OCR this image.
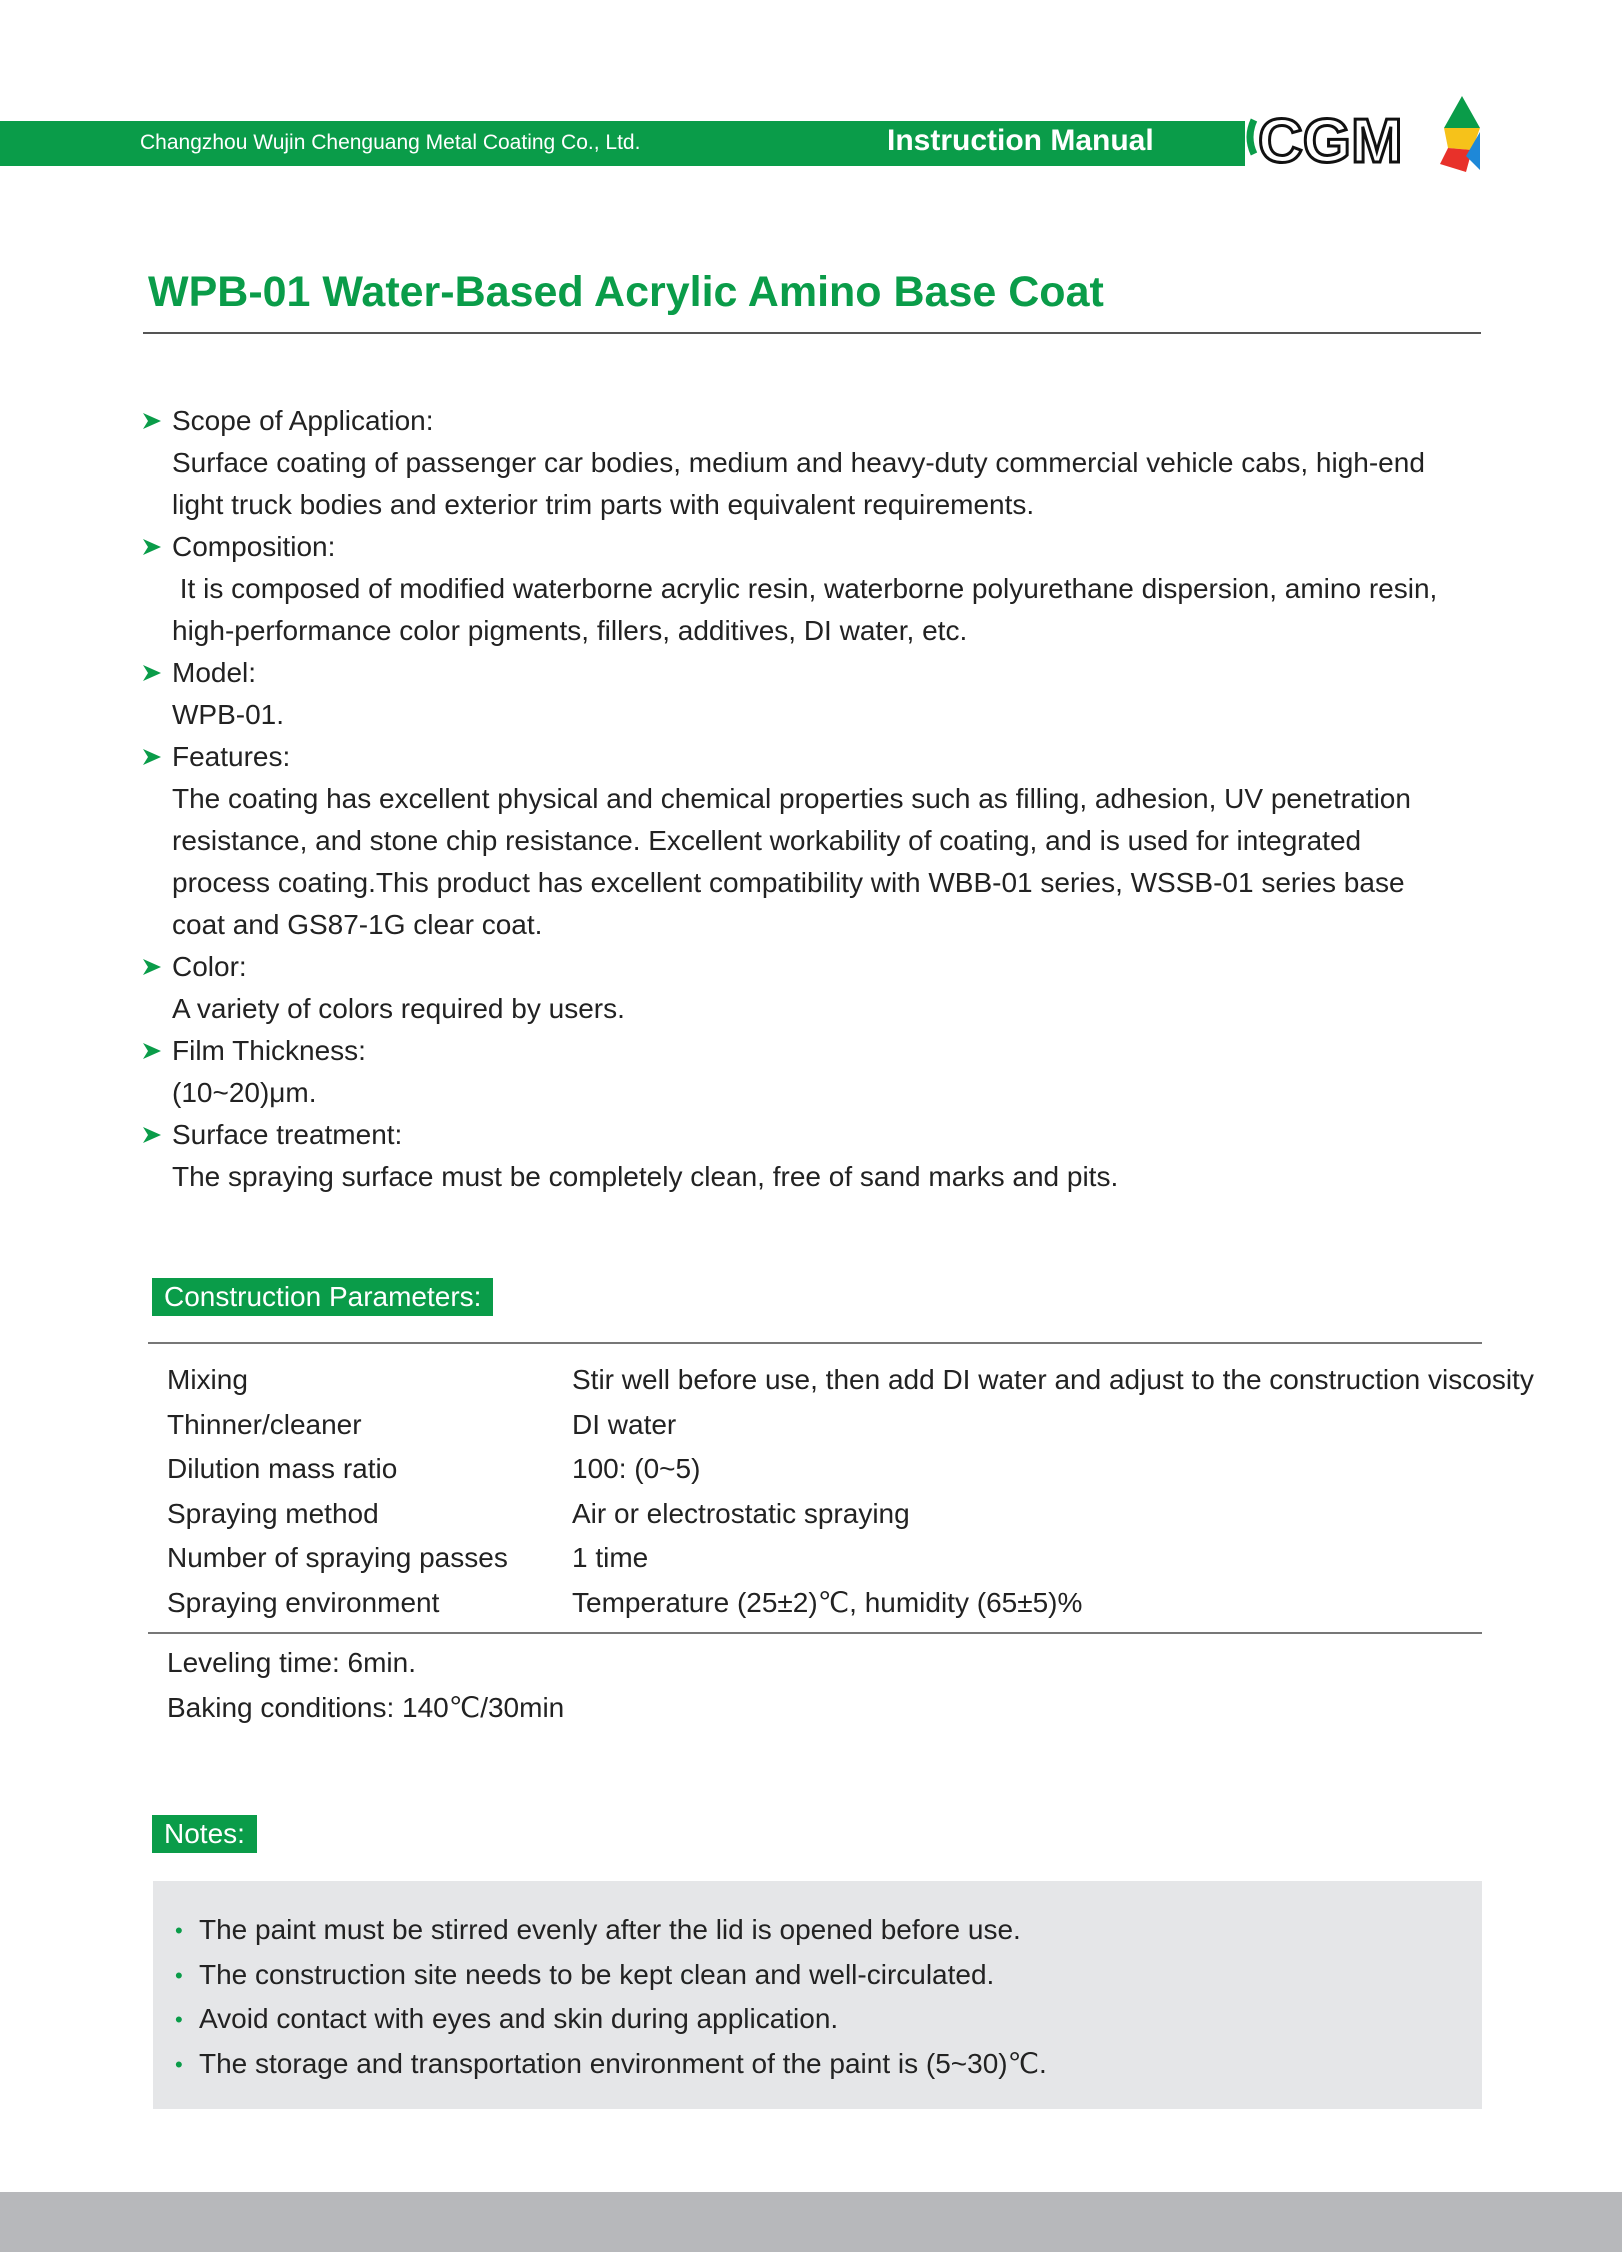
Changzhou Wujin Chenguang Metal Coating Co., Ltd.	Instruction Manual CGM
WPB-01 Water-Based Acrylic Amino Base Coat
Scope of Application:
Surface coating of passenger car bodies, medium and heavy-duty commercial vehicle cabs, high-end
light truck bodies and exterior trim parts with equivalent requirements.
Composition:
It is composed of modified waterborne acrylic resin, waterborne polyurethane dispersion, amino resin,
high-performance color pigments, fillers, additives, DI water, etc.
Model:
WPB-01.
Features:
The coating has excellent physical and chemical properties such as filling, adhesion, UV penetration
resistance, and stone chip resistance. Excellent workability of coating, and is used for integrated
process coating.This product has excellent compatibility with WBB-01 series, WSSB-01 series base
coat and GS87-1G clear coat.
Color:
A variety of colors required by users.
Film Thickness:
(10~20)μm.
Surface treatment:
The spraying surface must be completely clean, free of sand marks and pits.
Construction Parameters:
Mixing	Stir well before use, then add DI water and adjust to the construction viscosity
Thinner/cleaner	DI water
Dilution mass ratio	100: (0~5)
Spraying method	Air or electrostatic spraying
Number of spraying passes	1 time
Spraying environment	Temperature (25±2)℃, humidity (65±5)%
Leveling time: 6min.
Baking conditions: 140℃/30min
Notes:
• The paint must be stirred evenly after the lid is opened before use.
• The construction site needs to be kept clean and well-circulated.
• Avoid contact with eyes and skin during application.
• The storage and transportation environment of the paint is (5~30)℃.
